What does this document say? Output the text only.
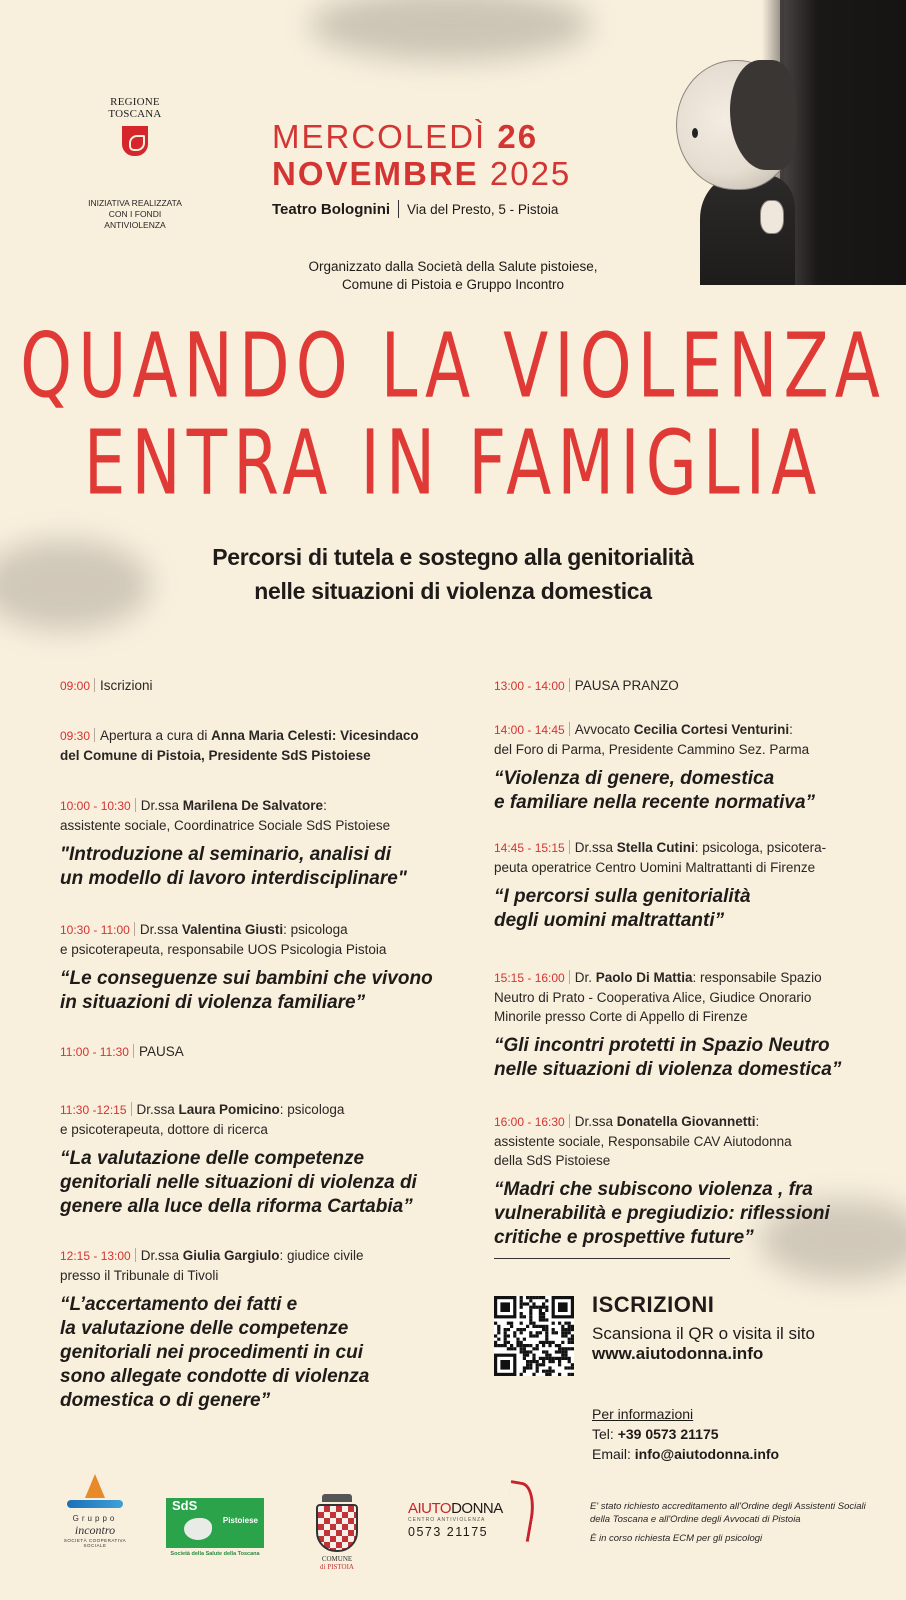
REGIONE
TOSCANA
INIZIATIVA REALIZZATA
CON I FONDI
ANTIVIOLENZA
MERCOLEDÌ 26
NOVEMBRE 2025
Teatro Bolognini Via del Presto, 5 - Pistoia
Organizzato dalla Società della Salute pistoiese,
Comune di Pistoia e Gruppo Incontro
QUANDO LA VIOLENZA
ENTRA IN FAMIGLIA
Percorsi di tutela e sostegno alla genitorialità
nelle situazioni di violenza domestica
09:00 Iscrizioni
09:30 Apertura a cura di Anna Maria Celesti: Vicesindaco
del Comune di Pistoia, Presidente SdS Pistoiese
10:00 - 10:30 Dr.ssa Marilena De Salvatore:
assistente sociale, Coordinatrice Sociale SdS Pistoiese
"Introduzione al seminario, analisi di
un modello di lavoro interdisciplinare"
10:30 - 11:00 Dr.ssa Valentina Giusti: psicologa
e psicoterapeuta, responsabile UOS Psicologia Pistoia
“Le conseguenze sui bambini che vivono
in situazioni di violenza familiare”
11:00 - 11:30 PAUSA
11:30 -12:15 Dr.ssa Laura Pomicino: psicologa
e psicoterapeuta, dottore di ricerca
“La valutazione delle competenze
genitoriali nelle situazioni di violenza di
genere alla luce della riforma Cartabia”
12:15 - 13:00 Dr.ssa Giulia Gargiulo: giudice civile
presso il Tribunale di Tivoli
“L’accertamento dei fatti e
la valutazione delle competenze
genitoriali nei procedimenti in cui
sono allegate condotte di violenza
domestica o di genere”
13:00 - 14:00 PAUSA PRANZO
14:00 - 14:45 Avvocato Cecilia Cortesi Venturini:
del Foro di Parma, Presidente Cammino Sez. Parma
“Violenza di genere, domestica
e familiare nella recente normativa”
14:45 - 15:15 Dr.ssa Stella Cutini: psicologa, psicotera-
peuta operatrice Centro Uomini Maltrattanti di Firenze
“I percorsi sulla genitorialità
degli uomini maltrattanti”
15:15 - 16:00 Dr. Paolo Di Mattia: responsabile Spazio
Neutro di Prato - Cooperativa Alice, Giudice Onorario
Minorile presso Corte di Appello di Firenze
“Gli incontri protetti in Spazio Neutro
nelle situazioni di violenza domestica”
16:00 - 16:30 Dr.ssa Donatella Giovannetti:
assistente sociale, Responsabile CAV Aiutodonna
della SdS Pistoiese
“Madri che subiscono violenza , fra
vulnerabilità e pregiudizio: riflessioni
critiche e prospettive future”
ISCRIZIONI
Scansiona il QR o visita il sito
www.aiutodonna.info
Per informazioni
Tel: +39 0573 21175
Email: info@aiutodonna.info
Gruppo
incontro
SOCIETÀ COOPERATIVA SOCIALE
SdS
Pistoiese
Società della Salute della Toscana
COMUNE
di PISTOIA
AIUTODONNA
CENTRO ANTIVIOLENZA
0573 21175

E' stato richiesto accreditamento all'Ordine degli Assistenti Sociali della Toscana e all'Ordine degli Avvocati di Pistoia

È in corso richiesta ECM per gli psicologi
